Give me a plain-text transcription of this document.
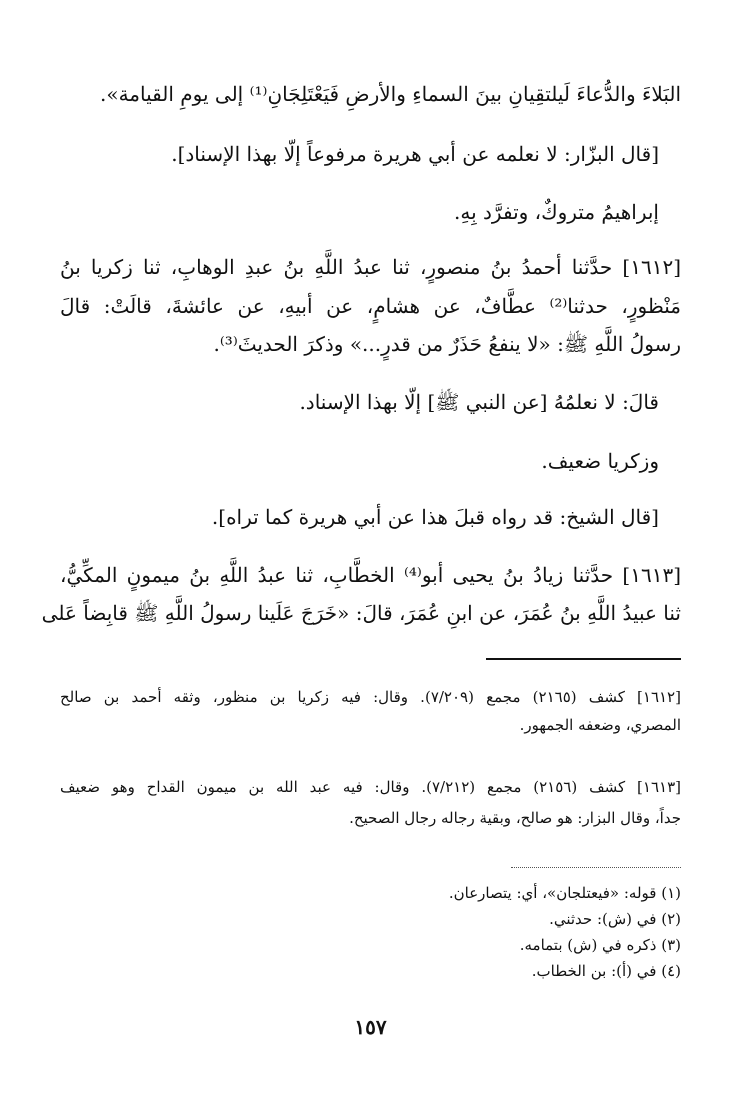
البَلاءَ والدُّعاءَ لَيلتقِيانِ بينَ السماءِ والأرضِ فَيَعْتَلِجَانِ⁽¹⁾ إلى يومِ القيامة».
[قال البزّار: لا نعلمه عن أبي هريرة مرفوعاً إلّا بهذا الإسناد].
إبراهيمُ متروكٌ، وتفرَّد بِهِ.
[١٦١٢] حدَّثنا أحمدُ بنُ منصورٍ، ثنا عبدُ اللَّهِ بنُ عبدِ الوهابِ، ثنا زكريا بنُ
مَنْظورٍ، حدثنا⁽²⁾ عطَّافٌ، عن هشامٍ، عن أبيهِ، عن عائشةَ، قالَتْ: قالَ
رسولُ اللَّهِ ﷺ: «لا ينفعُ حَذَرٌ من قدرٍ...» وذكرَ الحديثَ⁽³⁾.
قالَ: لا نعلمُهُ [عن النبي ﷺ] إلّا بهذا الإسناد.
وزكريا ضعيف.
[قال الشيخ: قد رواه قبلَ هذا عن أبي هريرة كما تراه].
[١٦١٣] حدَّثنا زيادُ بنُ يحيى أبو⁽⁴⁾ الخطَّابِ، ثنا عبدُ اللَّهِ بنُ ميمونٍ المكِّيُّ،
ثنا عبيدُ اللَّهِ بنُ عُمَرَ، عن ابنِ عُمَرَ، قالَ: «خَرَجَ عَلَينا رسولُ اللَّهِ ﷺ قابِضاً عَلى
[١٦١٢] كشف (٢١٦٥) مجمع (٧/٢٠٩). وقال: فيه زكريا بن منظور، وثقه أحمد بن صالح
المصري، وضعفه الجمهور.
[١٦١٣] كشف (٢١٥٦) مجمع (٧/٢١٢). وقال: فيه عبد الله بن ميمون القداح وهو ضعيف
جداً، وقال البزار: هو صالح، وبقية رجاله رجال الصحيح.
(١) قوله: «فيعتلجان»، أي: يتصارعان.
(٢) في (ش): حدثني.
(٣) ذكره في (ش) بتمامه.
(٤) في (أ): بن الخطاب.
١٥٧
